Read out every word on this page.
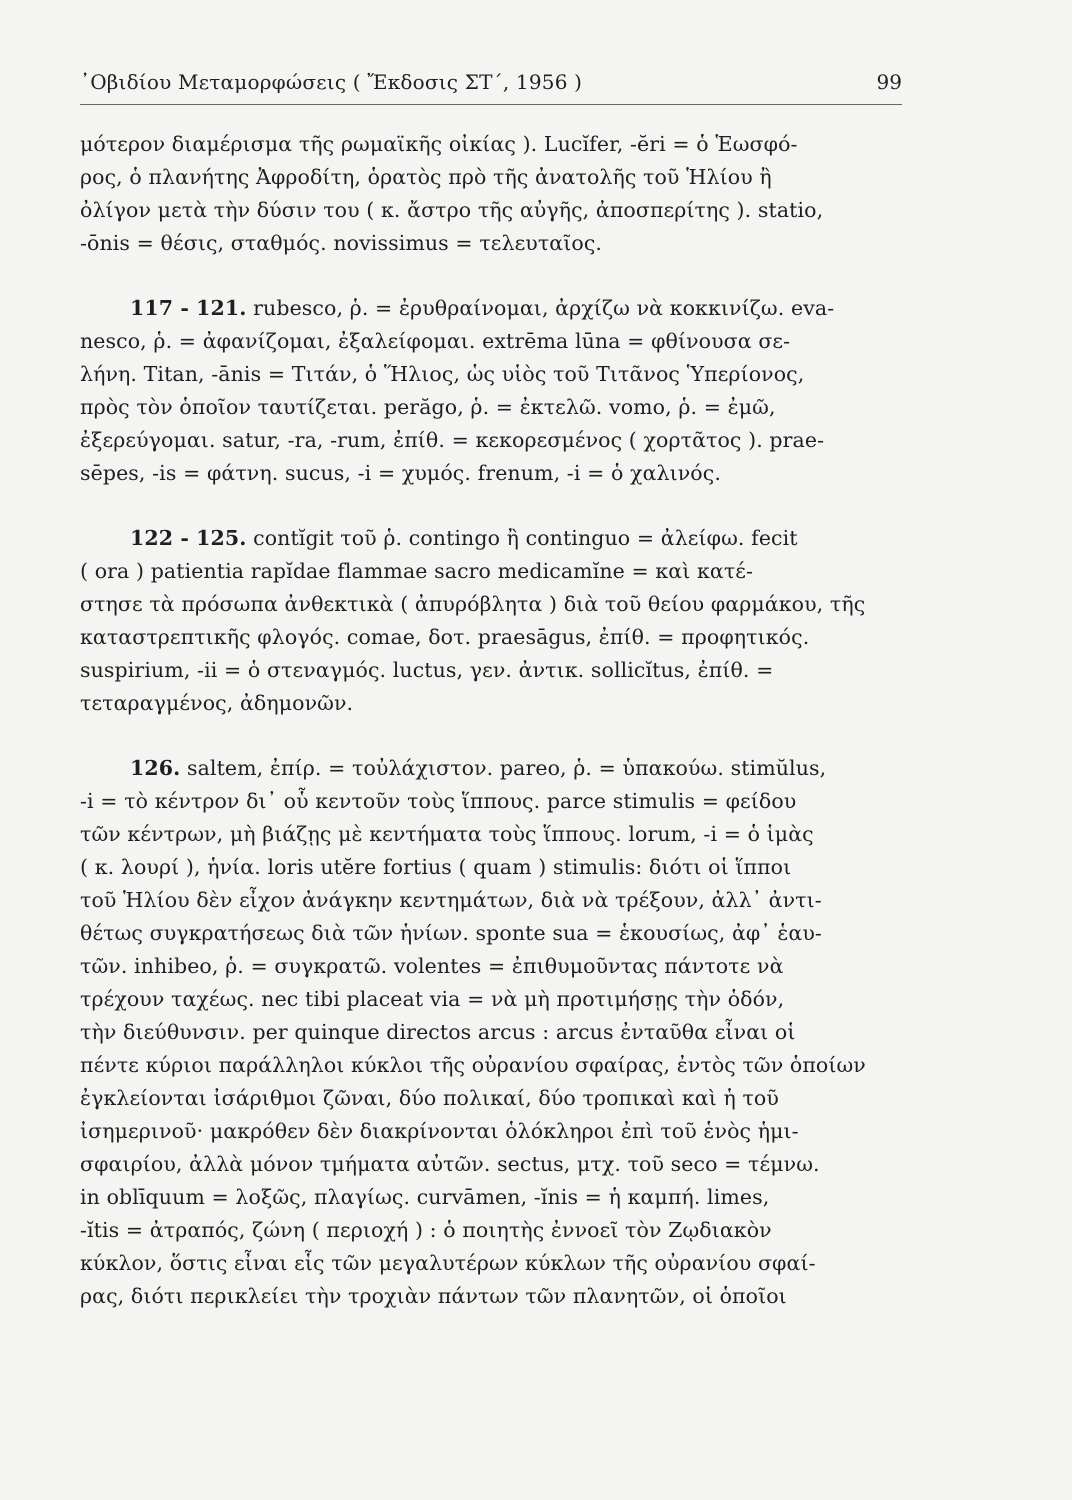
᾿Οβιδίου Μεταμορφώσεις ( Ἔκδοσις ΣΤ΄, 1956 )	99
μότερον διαμέρισμα τῆς ρωμαϊκῆς οἰκίας ). Lucĭfer, -ĕri = ὁ Ἑωσφό-
ρος, ὁ πλανήτης Ἀφροδίτη, ὁρατὸς πρὸ τῆς ἀνατολῆς τοῦ Ἡλίου ἢ
ὀλίγον μετὰ τὴν δύσιν του ( κ. ἄστρο τῆς αὐγῆς, ἀποσπερίτης ). statio,
-ōnis = θέσις, σταθμός. novissimus = τελευταῖος.
117 - 121. rubesco, ῥ. = ἐρυθραίνομαι, ἀρχίζω νὰ κοκκινίζω. eva-
nesco, ῥ. = ἀφανίζομαι, ἐξαλείφομαι. extrēma lūna = φθίνουσα σε-
λήνη. Titan, -ānis = Τιτάν, ὁ Ἥλιος, ὡς υἱὸς τοῦ Τιτᾶνος Ὑπερίονος,
πρὸς τὸν ὁποῖον ταυτίζεται. perăgo, ῥ. = ἐκτελῶ. vomo, ῥ. = ἐμῶ,
ἐξερεύγομαι. satur, -ra, -rum, ἐπίθ. = κεκορεσμένος ( χορτᾶτος ). prae-
sēpes, -is = φάτνη. sucus, -i = χυμός. frenum, -i = ὁ χαλινός.
122 - 125. contĭgit τοῦ ῥ. contingo ἢ continguo = ἀλείφω. fecit
( ora ) patientia rapĭdae flammae sacro medicamĭne = καὶ κατέ-
στησε τὰ πρόσωπα ἀνθεκτικὰ ( ἀπυρόβλητα ) διὰ τοῦ θείου φαρμάκου, τῆς
καταστρεπτικῆς φλογός. comae, δοτ. praesāgus, ἐπίθ. = προφητικός.
suspirium, -ii = ὁ στεναγμός. luctus, γεν. ἀντικ. sollicĭtus, ἐπίθ. =
τεταραγμένος, ἀδημονῶν.
126. saltem, ἐπίρ. = τοὐλάχιστον. pareo, ῥ. = ὑπακούω. stimŭlus,
-i = τὸ κέντρον δι᾿ οὗ κεντοῦν τοὺς ἵππους. parce stimulis = φείδου
τῶν κέντρων, μὴ βιάζῃς μὲ κεντήματα τοὺς ἵππους. lorum, -i = ὁ ἱμὰς
( κ. λουρί ), ἡνία. loris utĕre fortius ( quam ) stimulis: διότι οἱ ἵπποι
τοῦ Ἡλίου δὲν εἶχον ἀνάγκην κεντημάτων, διὰ νὰ τρέξουν, ἀλλ᾿ ἀντι-
θέτως συγκρατήσεως διὰ τῶν ἡνίων. sponte sua = ἑκουσίως, ἀφ᾿ ἑαυ-
τῶν. inhibeo, ῥ. = συγκρατῶ. volentes = ἐπιθυμοῦντας πάντοτε νὰ
τρέχουν ταχέως. nec tibi placeat via = νὰ μὴ προτιμήσῃς τὴν ὁδόν,
τὴν διεύθυνσιν. per quinque directos arcus : arcus ἐνταῦθα εἶναι οἱ
πέντε κύριοι παράλληλοι κύκλοι τῆς οὐρανίου σφαίρας, ἐντὸς τῶν ὁποίων
ἐγκλείονται ἰσάριθμοι ζῶναι, δύο πολικαί, δύο τροπικαὶ καὶ ἡ τοῦ
ἰσημερινοῦ· μακρόθεν δὲν διακρίνονται ὁλόκληροι ἐπὶ τοῦ ἑνὸς ἡμι-
σφαιρίου, ἀλλὰ μόνον τμήματα αὐτῶν. sectus, μτχ. τοῦ seco = τέμνω.
in oblīquum = λοξῶς, πλαγίως. curvāmen, -ĭnis = ἡ καμπή. limes,
-ĭtis = ἀτραπός, ζώνη ( περιοχή ) : ὁ ποιητὴς ἐννοεῖ τὸν Ζῳδιακὸν
κύκλον, ὅστις εἶναι εἷς τῶν μεγαλυτέρων κύκλων τῆς οὐρανίου σφαί-
ρας, διότι περικλείει τὴν τροχιὰν πάντων τῶν πλανητῶν, οἱ ὁποῖοι
